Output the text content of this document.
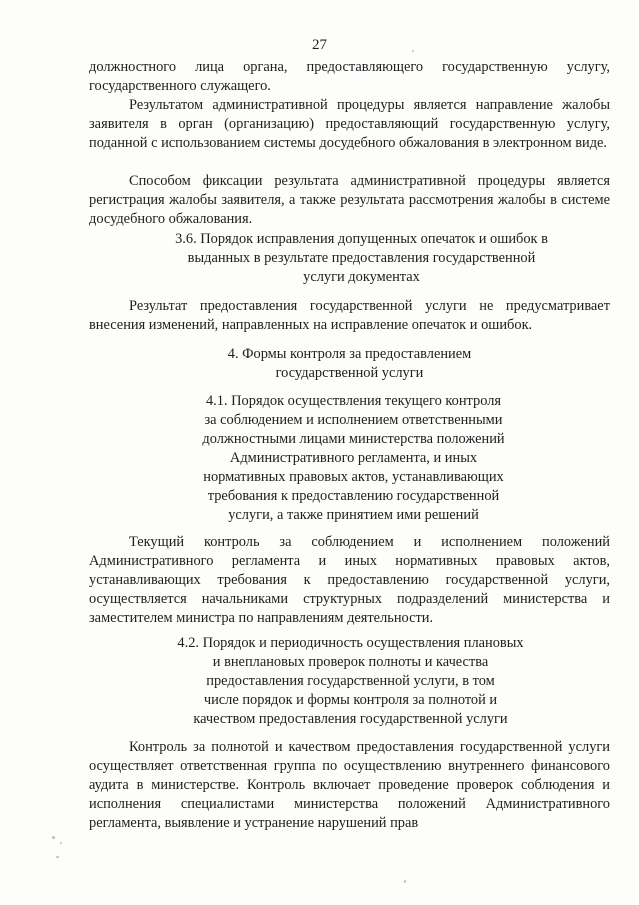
27

должностного лица органа, предоставляющего государственную услугу, государственного служащего.

Результатом административной процедуры является направление жалобы заявителя в орган (организацию) предоставляющий государственную услугу, поданной с использованием системы досудебного обжалования в электронном виде.

Способом фиксации результата административной процедуры является регистрация жалобы заявителя, а также результата рассмотрения жалобы в системе досудебного обжалования.

3.6. Порядок исправления допущенных опечаток и ошибок в
выданных в результате предоставления государственной
услуги документах

Результат предоставления государственной услуги не предусматривает внесения изменений, направленных на исправление опечаток и ошибок.

4. Формы контроля за предоставлением
государственной услуги
4.1. Порядок осуществления текущего контроля
за соблюдением и исполнением ответственными
должностными лицами министерства положений
Административного регламента, и иных
нормативных правовых актов, устанавливающих
требования к предоставлению государственной
услуги, а также принятием ими решений

Текущий контроль за соблюдением и исполнением положений Административного регламента и иных нормативных правовых актов, устанавливающих требования к предоставлению государственной услуги, осуществляется начальниками структурных подразделений министерства и заместителем министра по направлениям деятельности.

4.2. Порядок и периодичность осуществления плановых
и внеплановых проверок полноты и качества
предоставления государственной услуги, в том
числе порядок и формы контроля за полнотой и
качеством предоставления государственной услуги

Контроль за полнотой и качеством предоставления государственной услуги осуществляет ответственная группа по осуществлению внутреннего финансового аудита в министерстве. Контроль включает проведение проверок соблюдения и исполнения специалистами министерства положений Административного регламента, выявление и устранение нарушений прав
